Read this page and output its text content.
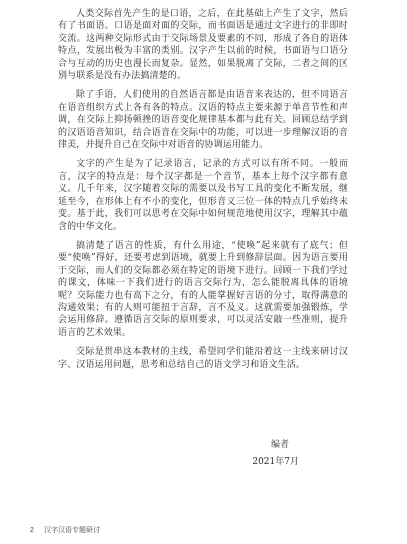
人类交际首先产生的是口语，之后，在此基础上产生了文字，然后有了书面语。口语是面对面的交际，而书面语是通过文字进行的非即时交流。这两种交际形式由于交际场景及要素的不同，形成了各自的语体特点，发展出极为丰富的类别。汉字产生以前的时候，书面语与口语分合与互动的历史也漫长而复杂。显然，如果脱离了交际，二者之间的区别与联系是没有办法搞清楚的。

除了手语，人们使用的自然语言都是由语音来表达的，但不同语言在语音组织方式上各有各的特点。汉语的特点主要来源于单音节性和声调，在交际上抑扬顿挫的语音变化规律基本都与此有关。回顾总结学到的汉语语音知识，结合语音在交际中的功能，可以进一步理解汉语的音律美，并提升自己在交际中对语音的协调运用能力。

文字的产生是为了记录语言，记录的方式可以有所不同。一般而言，汉字的特点是：每个汉字都是一个音节，基本上每个汉字都有意义。几千年来，汉字随着交际的需要以及书写工具的变化不断发展，继延至今，在形体上有不小的变化，但形音义三位一体的特点几乎始终未变。基于此，我们可以思考在交际中如何规范地使用汉字，理解其中蕴含的中华文化。

搞清楚了语言的性质，有什么用途，“使唤”起来就有了底气；但要“使唤”得好，还要考虑到语境，就要上升到修辞层面。因为语言要用于交际，而人们的交际都必须在特定的语境下进行。回顾一下我们学过的课文，体味一下我们进行的语言交际行为，怎么能脱离具体的语境呢？交际能力也有高下之分，有的人能掌握好言语的分寸，取得满意的沟通效果；有的人则可能扭于言辞，言不及义。这就需要加强锻炼，学会运用修辞。遵循语言交际的原则要求，可以灵活安敲一些准则，提升语言的艺术效果。

交际是贯串这本教材的主线，希望同学们能沿着这一主线来研讨汉字、汉语运用问题，思考和总结自己的语文学习和语文生活。

编者
2021年7月
2 汉字汉语专题研讨
